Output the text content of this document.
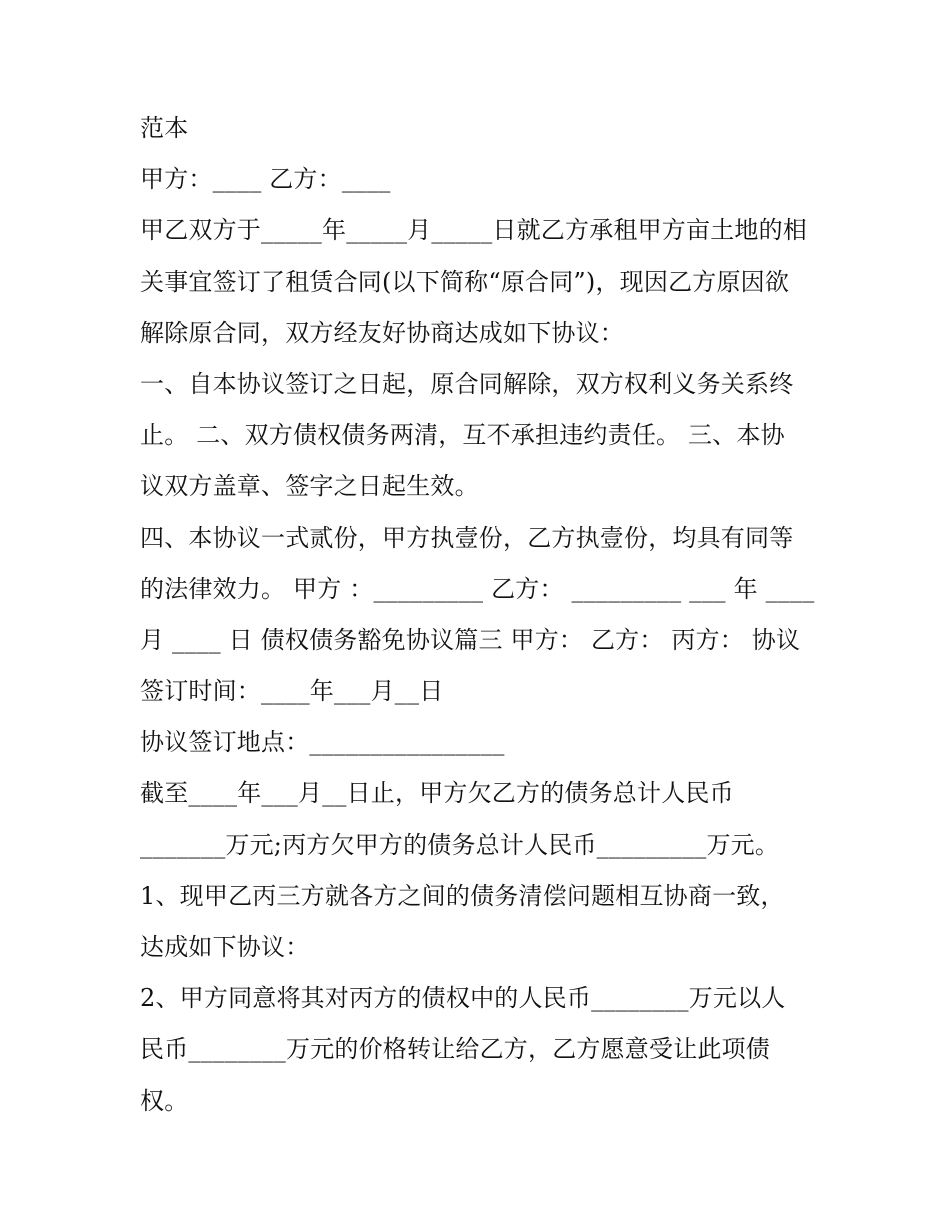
范本
甲方：____ 乙方：____
甲乙双方于_____年_____月_____日就乙方承租甲方亩土地的相
关事宜签订了租赁合同(以下简称“原合同”)，现因乙方原因欲
解除原合同，双方经友好协商达成如下协议：
一、自本协议签订之日起，原合同解除，双方权利义务关系终
止。 二、双方债权债务两清，互不承担违约责任。 三、本协
议双方盖章、签字之日起生效。
四、本协议一式贰份，甲方执壹份，乙方执壹份，均具有同等
的法律效力。 甲方 ：_________ 乙方： _________ ___ 年 ____
月 ____ 日 债权债务豁免协议篇三 甲方： 乙方： 丙方： 协议
签订时间：____年___月__日
协议签订地点：________________
截至____年___月__日止，甲方欠乙方的债务总计人民币
_______万元;丙方欠甲方的债务总计人民币_________万元。
1、现甲乙丙三方就各方之间的债务清偿问题相互协商一致，
达成如下协议：
2、甲方同意将其对丙方的债权中的人民币________万元以人
民币________万元的价格转让给乙方，乙方愿意受让此项债
权。
